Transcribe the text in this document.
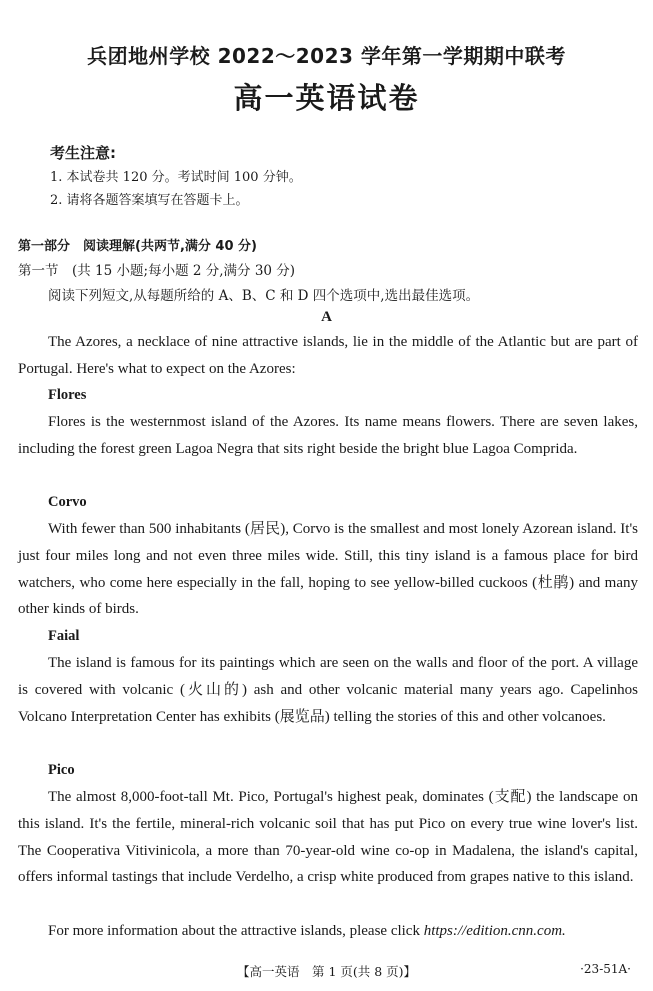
兵团地州学校 2022～2023 学年第一学期期中联考
高一英语试卷
考生注意:
1. 本试卷共 120 分。考试时间 100 分钟。
2. 请将各题答案填写在答题卡上。
第一部分　阅读理解(共两节,满分 40 分)
第一节　(共 15 小题;每小题 2 分,满分 30 分)
阅读下列短文,从每题所给的 A、B、C 和 D 四个选项中,选出最佳选项。
A
The Azores, a necklace of nine attractive islands, lie in the middle of the Atlantic but are part of Portugal. Here's what to expect on the Azores:
Flores
Flores is the westernmost island of the Azores. Its name means flowers. There are seven lakes, including the forest green Lagoa Negra that sits right beside the bright blue Lagoa Comprida.
Corvo
With fewer than 500 inhabitants (居民), Corvo is the smallest and most lonely Azorean island. It's just four miles long and not even three miles wide. Still, this tiny island is a famous place for bird watchers, who come here especially in the fall, hoping to see yellow-billed cuckoos (杜鹃) and many other kinds of birds.
Faial
The island is famous for its paintings which are seen on the walls and floor of the port. A village is covered with volcanic (火山的) ash and other volcanic material many years ago. Capelinhos Volcano Interpretation Center has exhibits (展览品) telling the stories of this and other volcanoes.
Pico
The almost 8,000-foot-tall Mt. Pico, Portugal's highest peak, dominates (支配) the landscape on this island. It's the fertile, mineral-rich volcanic soil that has put Pico on every true wine lover's list. The Cooperativa Vitivinicola, a more than 70-year-old wine co-op in Madalena, the island's capital, offers informal tastings that include Verdelho, a crisp white produced from grapes native to this island.
For more information about the attractive islands, please click https://edition.cnn.com.
【高一英语　第 1 页(共 8 页)】	·23-51A·
